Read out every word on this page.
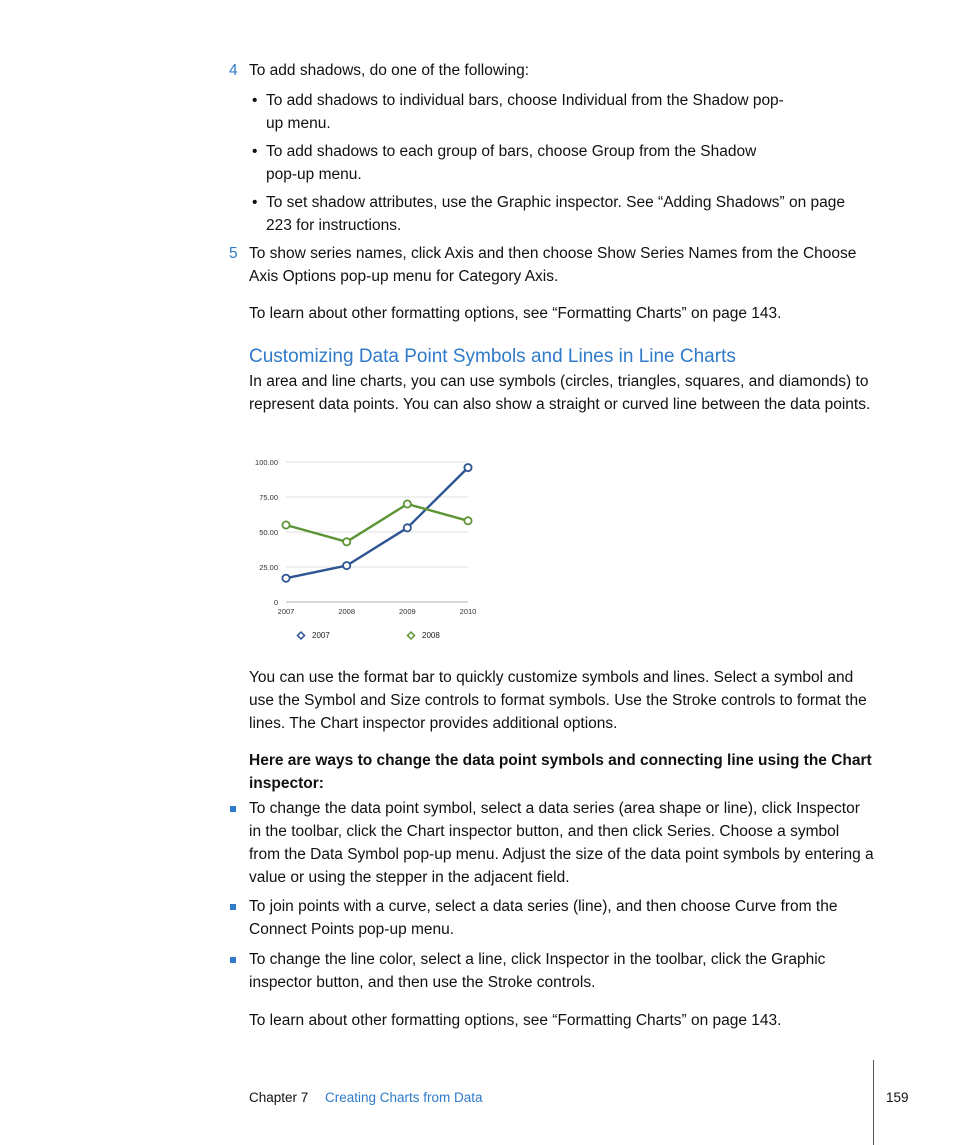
4 To add shadows, do one of the following:

• To add shadows to individual bars, choose Individual from the Shadow pop-up menu.

• To add shadows to each group of bars, choose Group from the Shadow pop-up menu.

• To set shadow attributes, use the Graphic inspector. See “Adding Shadows” on page 223 for instructions.

5 To show series names, click Axis and then choose Show Series Names from the Choose Axis Options pop-up menu for Category Axis.

To learn about other formatting options, see “Formatting Charts” on page 143.

Customizing Data Point Symbols and Lines in Line Charts

In area and line charts, you can use symbols (circles, triangles, squares, and diamonds) to represent data points. You can also show a straight or curved line between the data points.

0
25.00
50.00
75.00
100.00
2007	2008	2009	2010
2007	2008

You can use the format bar to quickly customize symbols and lines. Select a symbol and use the Symbol and Size controls to format symbols. Use the Stroke controls to format the lines. The Chart inspector provides additional options.

Here are ways to change the data point symbols and connecting line using the Chart inspector:

To change the data point symbol, select a data series (area shape or line), click Inspector in the toolbar, click the Chart inspector button, and then click Series. Choose a symbol from the Data Symbol pop-up menu. Adjust the size of the data point symbols by entering a value or using the stepper in the adjacent field.

To join points with a curve, select a data series (line), and then choose Curve from the Connect Points pop-up menu.

To change the line color, select a line, click Inspector in the toolbar, click the Graphic inspector button, and then use the Stroke controls.

To learn about other formatting options, see “Formatting Charts” on page 143.

Chapter 7 Creating Charts from Data	159
